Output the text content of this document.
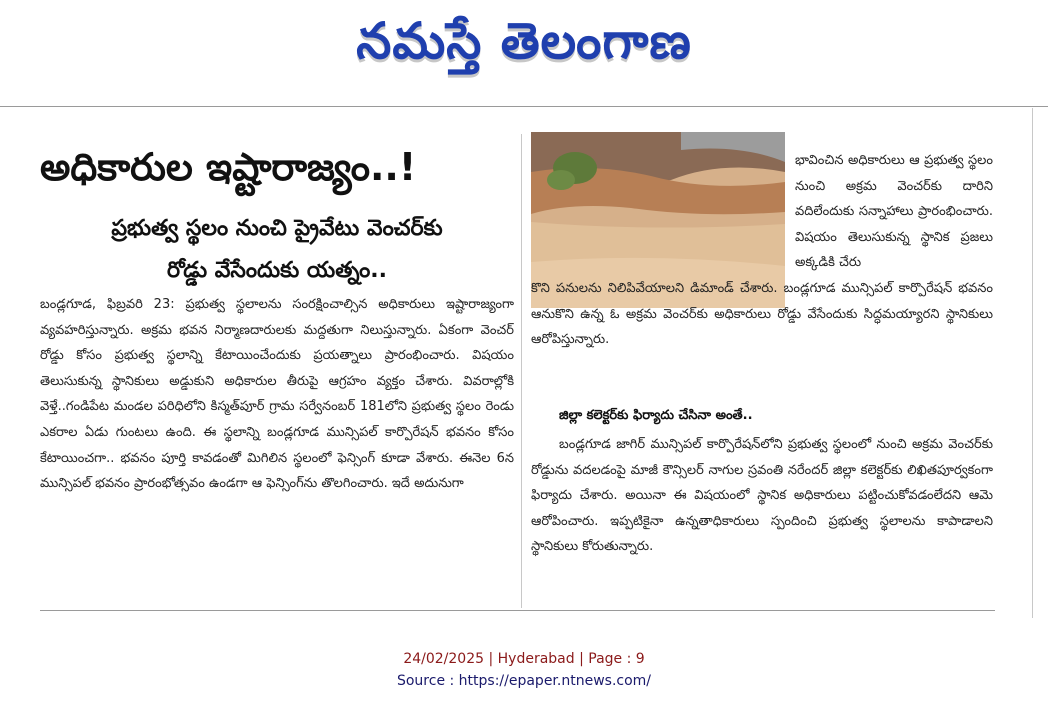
నమస్తే తెలంగాణ
అధికారుల ఇష్టారాజ్యం..!
ప్రభుత్వ స్థలం నుంచి ప్రైవేటు వెంచర్‌కు
రోడ్డు వేసేందుకు యత్నం..

బండ్లగూడ, ఫిబ్రవరి 23: ప్రభుత్వ స్థలాలను సంరక్షించాల్సిన అధికారులు ఇష్టారాజ్యంగా వ్యవహరిస్తున్నారు. అక్రమ భవన నిర్మాణదారులకు మద్దతుగా నిలుస్తున్నారు. ఏకంగా వెంచర్ రోడ్డు కోసం ప్రభుత్వ స్థలాన్ని కేటాయించేందుకు ప్రయత్నాలు ప్రారంభించారు. విషయం తెలుసుకున్న స్థానికులు అడ్డుకుని అధికారుల తీరుపై ఆగ్రహం వ్యక్తం చేశారు. వివరాల్లోకి వెళ్తే..గండిపేట మండల పరిధిలోని కిస్మత్‌పూర్ గ్రామ సర్వేనంబర్ 181లోని ప్రభుత్వ స్థలం రెండు ఎకరాల ఏడు గుంటలు ఉంది. ఈ స్థలాన్ని బండ్లగూడ మున్సిపల్ కార్పొరేషన్ భవనం కోసం కేటాయించగా.. భవనం పూర్తి కావడంతో మిగిలిన స్థలంలో ఫెన్సింగ్ కూడా వేశారు. ఈనెల 6న మున్సిపల్ భవనం ప్రారంభోత్సవం ఉండగా ఆ ఫెన్సింగ్‌ను తొలగించారు. ఇదే అదునుగా

భావించిన అధికారులు ఆ ప్రభుత్వ స్థలం నుంచి అక్రమ వెంచర్‌కు దారిని వదిలేందుకు సన్నాహాలు ప్రారంభించారు. విషయం తెలుసుకున్న స్థానిక ప్రజలు అక్కడికి చేరు

కొని పనులను నిలిపివేయాలని డిమాండ్ చేశారు. బండ్లగూడ మున్సిపల్ కార్పొరేషన్ భవనం ఆనుకొని ఉన్న ఓ అక్రమ వెంచర్‌కు అధికారులు రోడ్డు వేసేందుకు సిద్ధమయ్యారని స్థానికులు ఆరోపిస్తున్నారు.

జిల్లా కలెక్టర్‌కు ఫిర్యాదు చేసినా అంతే..

బండ్లగూడ జాగిర్ మున్సిపల్ కార్పొరేషన్‌లోని ప్రభుత్వ స్థలంలో నుంచి అక్రమ వెంచర్‌కు రోడ్డును వదలడంపై మాజీ కౌన్సిలర్ నాగుల స్రవంతి నరేందర్ జిల్లా కలెక్టర్‌కు లిఖితపూర్వకంగా ఫిర్యాదు చేశారు. అయినా ఈ విషయంలో స్థానిక అధికారులు పట్టించుకోవడంలేదని ఆమె ఆరోపించారు. ఇప్పటికైనా ఉన్నతాధికారులు స్పందించి ప్రభుత్వ స్థలాలను కాపాడాలని స్థానికులు కోరుతున్నారు.

24/02/2025 | Hyderabad | Page : 9
Source : https://epaper.ntnews.com/
